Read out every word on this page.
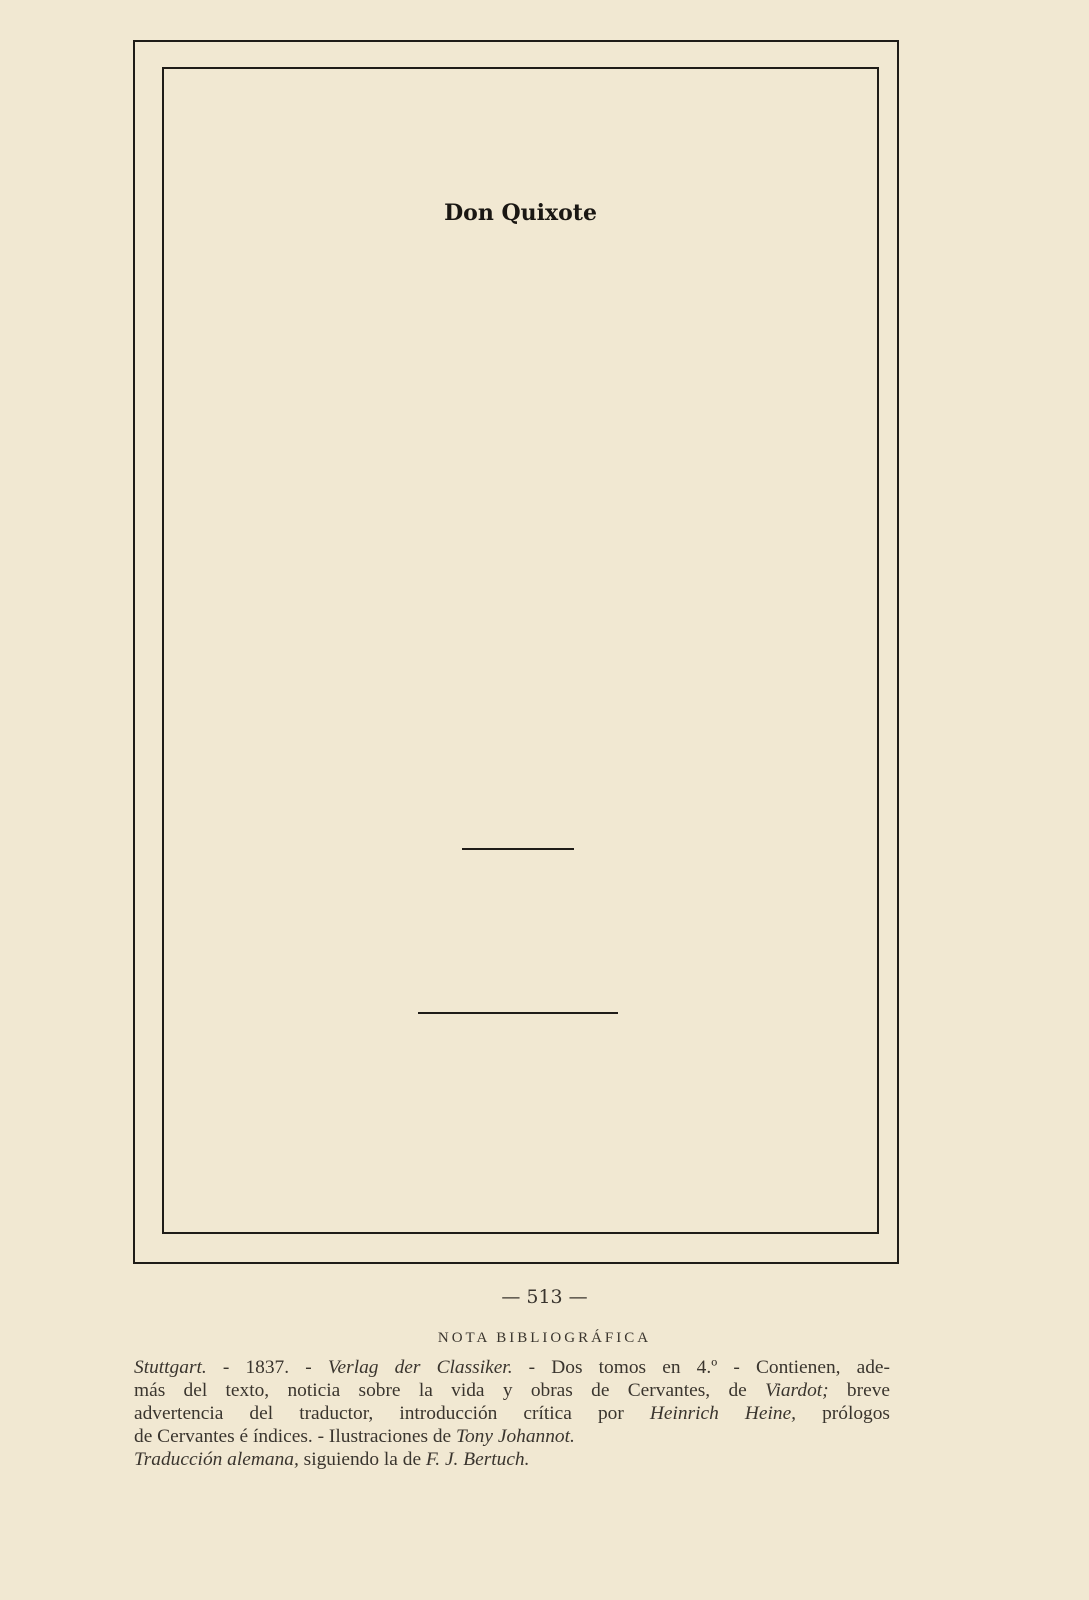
Don Quixote
— 513 —
NOTA BIBLIOGRÁFICA
Stuttgart. - 1837. - Verlag der Classiker. - Dos tomos en 4.º - Contienen, ade-
más del texto, noticia sobre la vida y obras de Cervantes, de Viardot; breve
advertencia del traductor, introducción crítica por Heinrich Heine, prólogos
de Cervantes é índices. - Ilustraciones de Tony Johannot.
Traducción alemana, siguiendo la de F. J. Bertuch.
